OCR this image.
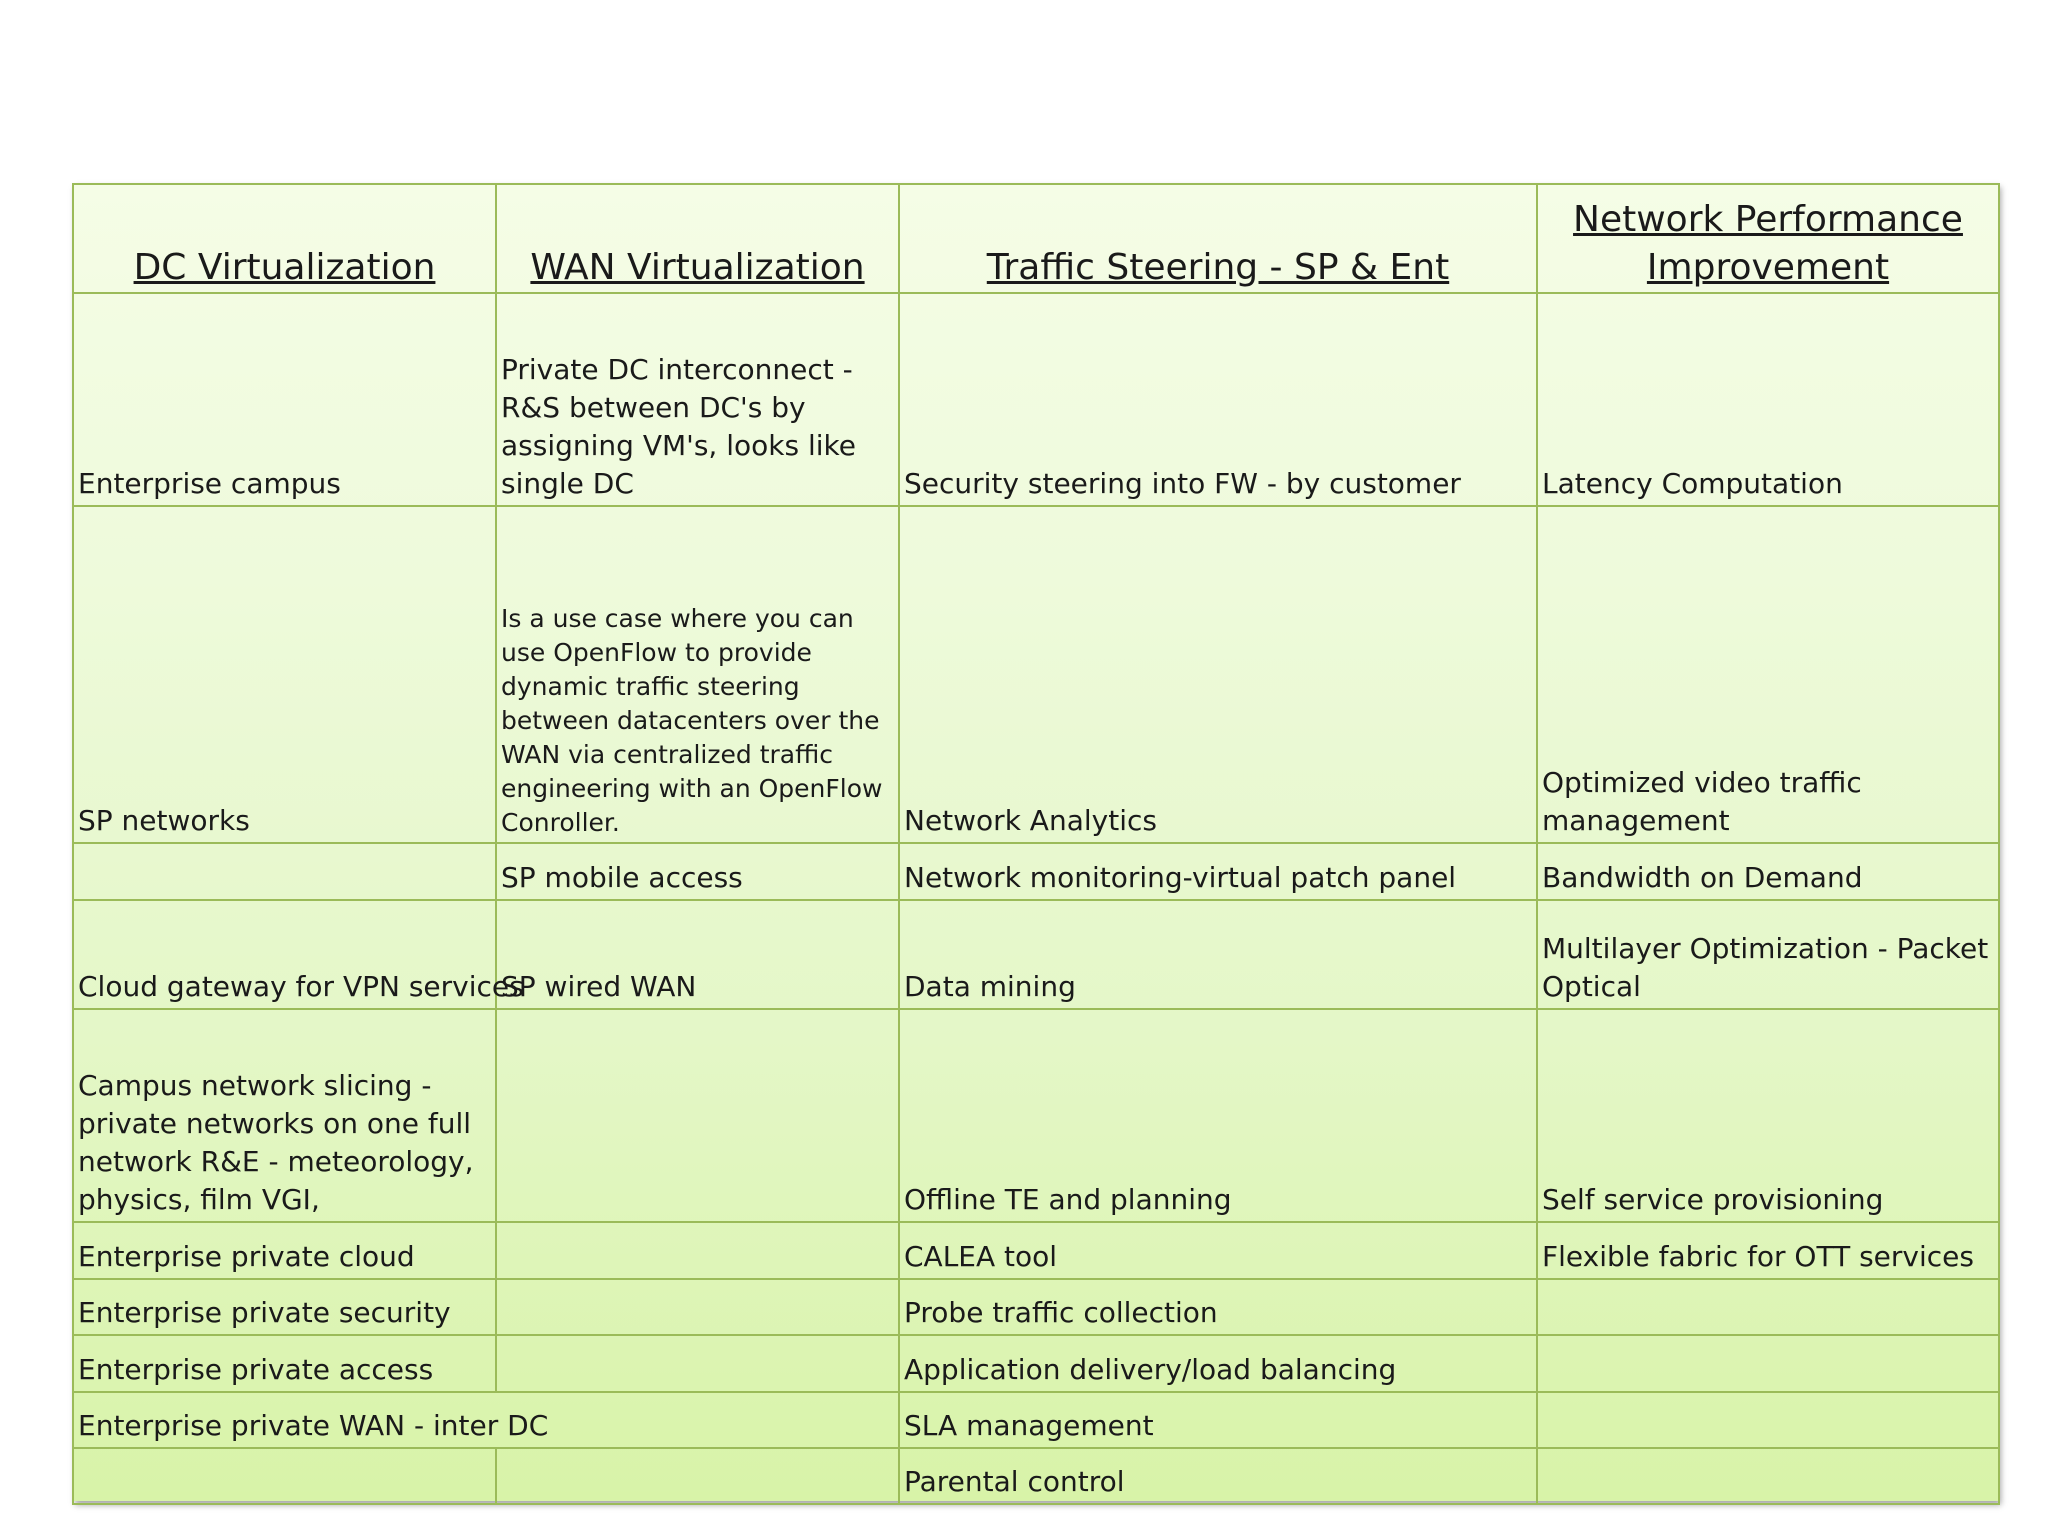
DC Virtualization	WAN Virtualization	Traffic Steering - SP & Ent	Network Performance
Improvement
Enterprise campus	Private DC interconnect - R&S between DC's by assigning VM's, looks like single DC	Security steering into FW - by customer	Latency Computation
SP networks	Is a use case where you can use OpenFlow to provide dynamic traffic steering between datacenters over the WAN via centralized traffic engineering with an OpenFlow Conroller.	Network Analytics	Optimized video traffic management
	SP mobile access	Network monitoring-virtual patch panel	Bandwidth on Demand
Cloud gateway for VPN services	SP wired WAN	Data mining	Multilayer Optimization - Packet Optical
Campus network slicing - private networks on one full network R&E - meteorology, physics, film VGI,		Offline TE and planning	Self service provisioning
Enterprise private cloud		CALEA tool	Flexible fabric for OTT services
Enterprise private security		Probe traffic collection	
Enterprise private access		Application delivery/load balancing	
Enterprise private WAN - inter DC		SLA management	
		Parental control	
